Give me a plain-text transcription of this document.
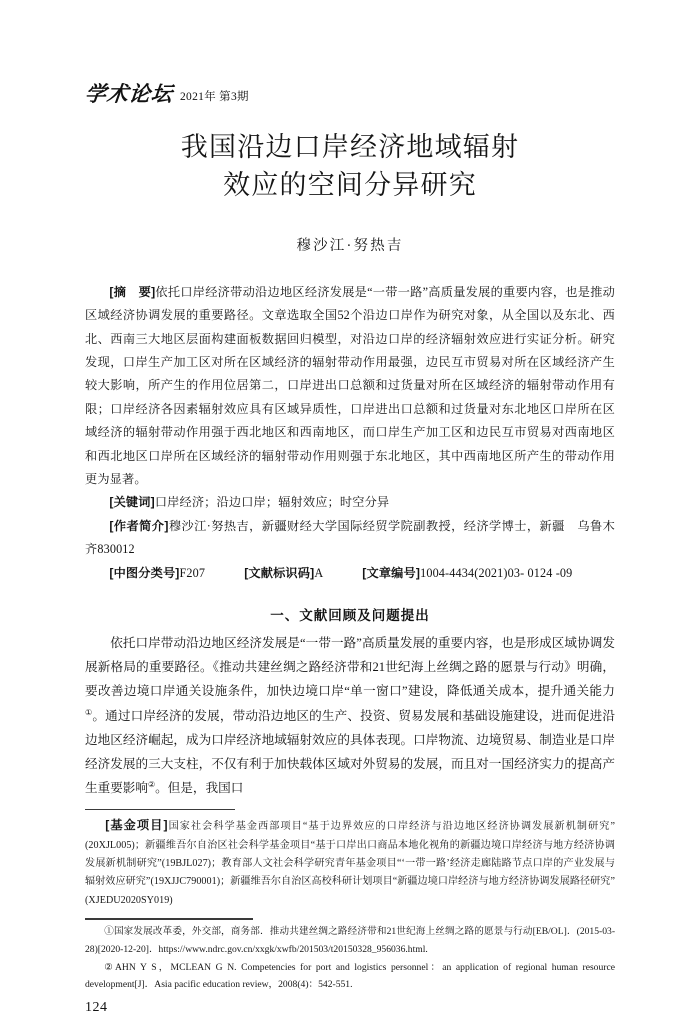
学术论坛 2021年 第3期
我国沿边口岸经济地域辐射
效应的空间分异研究
穆沙江·努热吉

[摘　要]依托口岸经济带动沿边地区经济发展是“一带一路”高质量发展的重要内容，也是推动区域经济协调发展的重要路径。文章选取全国52个沿边口岸作为研究对象，从全国以及东北、西北、西南三大地区层面构建面板数据回归模型，对沿边口岸的经济辐射效应进行实证分析。研究发现，口岸生产加工区对所在区域经济的辐射带动作用最强，边民互市贸易对所在区域经济产生较大影响，所产生的作用位居第二，口岸进出口总额和过货量对所在区域经济的辐射带动作用有限；口岸经济各因素辐射效应具有区域异质性，口岸进出口总额和过货量对东北地区口岸所在区域经济的辐射带动作用强于西北地区和西南地区，而口岸生产加工区和边民互市贸易对西南地区和西北地区口岸所在区域经济的辐射带动作用则强于东北地区，其中西南地区所产生的带动作用更为显著。

[关键词]口岸经济；沿边口岸；辐射效应；时空分异

[作者简介]穆沙江·努热吉，新疆财经大学国际经贸学院副教授，经济学博士，新疆　乌鲁木齐830012

[中图分类号]F207	[文献标识码]A	[文章编号]1004-4434(2021)03- 0124 -09

一、文献回顾及问题提出

依托口岸带动沿边地区经济发展是“一带一路”高质量发展的重要内容，也是形成区域协调发展新格局的重要路径。《推动共建丝绸之路经济带和21世纪海上丝绸之路的愿景与行动》明确，要改善边境口岸通关设施条件，加快边境口岸“单一窗口”建设，降低通关成本，提升通关能力①。通过口岸经济的发展，带动沿边地区的生产、投资、贸易发展和基础设施建设，进而促进沿边地区经济崛起，成为口岸经济地域辐射效应的具体表现。口岸物流、边境贸易、制造业是口岸经济发展的三大支柱，不仅有利于加快载体区域对外贸易的发展，而且对一国经济实力的提高产生重要影响②。但是，我国口

[基金项目]国家社会科学基金西部项目“基于边界效应的口岸经济与沿边地区经济协调发展新机制研究”(20XJL005)；新疆维吾尔自治区社会科学基金项目“基于口岸出口商品本地化视角的新疆边境口岸经济与地方经济协调发展新机制研究”(19BJL027)；教育部人文社会科学研究青年基金项目“‘一带一路’经济走廊陆路节点口岸的产业发展与辐射效应研究”(19XJJC790001)；新疆维吾尔自治区高校科研计划项目“新疆边境口岸经济与地方经济协调发展路径研究”(XJEDU2020SY019)

①国家发展改革委，外交部，商务部．推动共建丝绸之路经济带和21世纪海上丝绸之路的愿景与行动[EB/OL]．(2015-03-28)[2020-12-20]．https://www.ndrc.gov.cn/xxgk/xwfb/201503/t20150328_956036.html.

②AHN Y S，MCLEAN G N. Competencies for port and logistics personnel：an application of regional human resource development[J]．Asia pacific education review，2008(4)：542-551.

124
